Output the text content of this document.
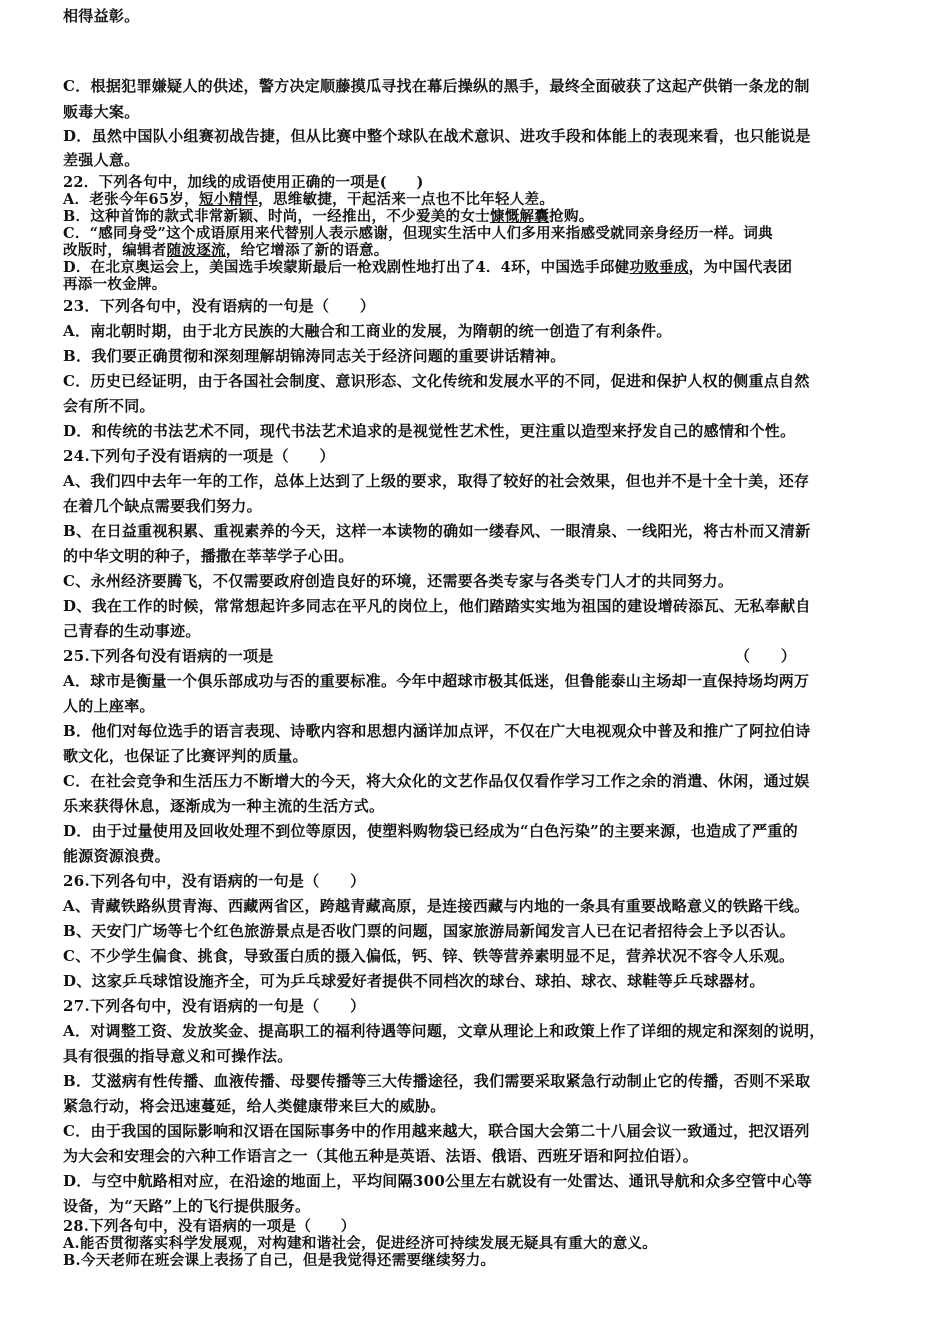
相得益彰。
C．根据犯罪嫌疑人的供述，警方决定顺藤摸瓜寻找在幕后操纵的黑手，最终全面破获了这起产供销一条龙的制
贩毒大案。
D．虽然中国队小组赛初战告捷，但从比赛中整个球队在战术意识、进攻手段和体能上的表现来看，也只能说是
差强人意。
22．下列各句中，加线的成语使用正确的一项是(　　)
A．老张今年65岁，短小精悍，思维敏捷，干起活来一点也不比年轻人差。
B．这种首饰的款式非常新颖、时尚，一经推出，不少爱美的女士慷慨解囊抢购。
C．“感同身受”这个成语原用来代替别人表示感谢，但现实生活中人们多用来指感受就同亲身经历一样。词典
改版时，编辑者随波逐流，给它增添了新的语意。
D．在北京奥运会上，美国选手埃蒙斯最后一枪戏剧性地打出了4．4环，中国选手邱健功败垂成，为中国代表团
再添一枚金牌。
23．下列各句中，没有语病的一句是（　　）
A．南北朝时期，由于北方民族的大融合和工商业的发展，为隋朝的统一创造了有利条件。
B．我们要正确贯彻和深刻理解胡锦涛同志关于经济问题的重要讲话精神。
C．历史已经证明，由于各国社会制度、意识形态、文化传统和发展水平的不同，促进和保护人权的侧重点自然
会有所不同。
D．和传统的书法艺术不同，现代书法艺术追求的是视觉性艺术性，更注重以造型来抒发自己的感情和个性。
24.下列句子没有语病的一项是（　　）
A、我们四中去年一年的工作，总体上达到了上级的要求，取得了较好的社会效果，但也并不是十全十美，还存
在着几个缺点需要我们努力。
B、在日益重视积累、重视素养的今天，这样一本读物的确如一缕春风、一眼清泉、一线阳光，将古朴而又清新
的中华文明的种子，播撒在莘莘学子心田。
C、永州经济要腾飞，不仅需要政府创造良好的环境，还需要各类专家与各类专门人才的共同努力。
D、我在工作的时候，常常想起许多同志在平凡的岗位上，他们踏踏实实地为祖国的建设增砖添瓦、无私奉献自
己青春的生动事迹。
25.下列各句没有语病的一项是	（　　）
A．球市是衡量一个俱乐部成功与否的重要标准。今年中超球市极其低迷，但鲁能泰山主场却一直保持场均两万
人的上座率。
B．他们对每位选手的语言表现、诗歌内容和思想内涵详加点评，不仅在广大电视观众中普及和推广了阿拉伯诗
歌文化，也保证了比赛评判的质量。
C．在社会竞争和生活压力不断增大的今天，将大众化的文艺作品仅仅看作学习工作之余的消遣、休闲，通过娱
乐来获得休息，逐渐成为一种主流的生活方式。
D．由于过量使用及回收处理不到位等原因，使塑料购物袋已经成为“白色污染”的主要来源，也造成了严重的
能源资源浪费。
26.下列各句中，没有语病的一句是（　　）
A、青藏铁路纵贯青海、西藏两省区，跨越青藏高原，是连接西藏与内地的一条具有重要战略意义的铁路干线。
B、天安门广场等七个红色旅游景点是否收门票的问题，国家旅游局新闻发言人已在记者招待会上予以否认。
C、不少学生偏食、挑食，导致蛋白质的摄入偏低，钙、锌、铁等营养素明显不足，营养状况不容令人乐观。
D、这家乒乓球馆设施齐全，可为乒乓球爱好者提供不同档次的球台、球拍、球衣、球鞋等乒乓球器材。
27.下列各句中，没有语病的一句是（　　）
A．对调整工资、发放奖金、提高职工的福利待遇等问题，文章从理论上和政策上作了详细的规定和深刻的说明，
具有很强的指导意义和可操作法。
B．艾滋病有性传播、血液传播、母婴传播等三大传播途径，我们需要采取紧急行动制止它的传播，否则不采取
紧急行动，将会迅速蔓延，给人类健康带来巨大的威胁。
C．由于我国的国际影响和汉语在国际事务中的作用越来越大，联合国大会第二十八届会议一致通过，把汉语列
为大会和安理会的六种工作语言之一（其他五种是英语、法语、俄语、西班牙语和阿拉伯语）。
D．与空中航路相对应，在沿途的地面上，平均间隔300公里左右就设有一处雷达、通讯导航和众多空管中心等
设备，为“天路”上的飞行提供服务。
28.下列各句中，没有语病的一项是（　　）
A.能否贯彻落实科学发展观，对构建和谐社会，促进经济可持续发展无疑具有重大的意义。
B.今天老师在班会课上表扬了自己，但是我觉得还需要继续努力。
